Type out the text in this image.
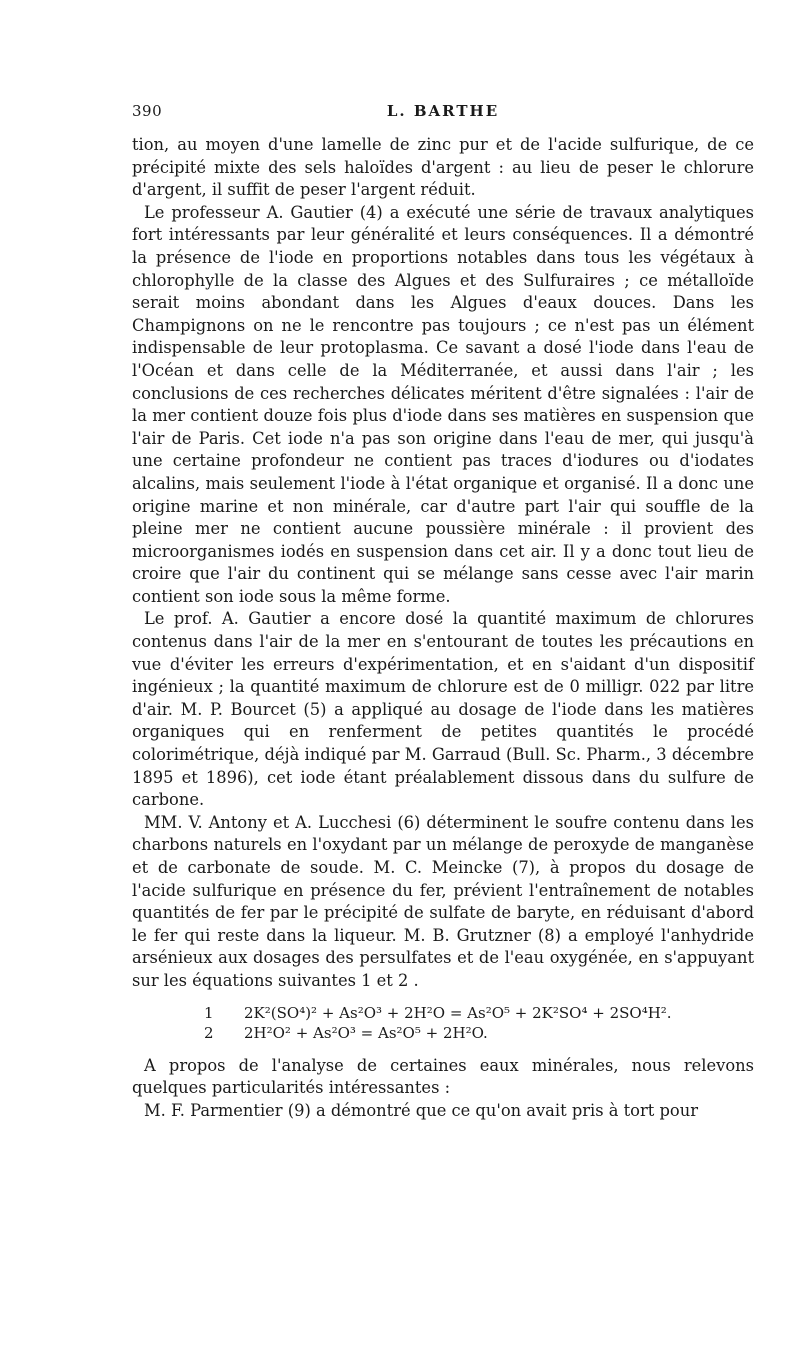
390	L. BARTHE

tion, au moyen d'une lamelle de zinc pur et de l'acide sulfurique, de ce précipité mixte des sels haloïdes d'argent : au lieu de peser le chlorure d'argent, il suffit de peser l'argent réduit.

Le professeur A. Gautier (4) a exécuté une série de travaux analytiques fort intéressants par leur généralité et leurs conséquences. Il a démontré la présence de l'iode en proportions notables dans tous les végétaux à chlorophylle de la classe des Algues et des Sulfuraires ; ce métalloïde serait moins abondant dans les Algues d'eaux douces. Dans les Champignons on ne le rencontre pas toujours ; ce n'est pas un élément indispensable de leur protoplasma. Ce savant a dosé l'iode dans l'eau de l'Océan et dans celle de la Méditerranée, et aussi dans l'air ; les conclusions de ces recherches délicates méritent d'être signalées : l'air de la mer contient douze fois plus d'iode dans ses matières en suspension que l'air de Paris. Cet iode n'a pas son origine dans l'eau de mer, qui jusqu'à une certaine profondeur ne contient pas traces d'iodures ou d'iodates alcalins, mais seulement l'iode à l'état organique et organisé. Il a donc une origine marine et non minérale, car d'autre part l'air qui souffle de la pleine mer ne contient aucune poussière minérale : il provient des microorganismes iodés en suspension dans cet air. Il y a donc tout lieu de croire que l'air du continent qui se mélange sans cesse avec l'air marin contient son iode sous la même forme.

Le prof. A. Gautier a encore dosé la quantité maximum de chlorures contenus dans l'air de la mer en s'entourant de toutes les précautions en vue d'éviter les erreurs d'expérimentation, et en s'aidant d'un dispositif ingénieux ; la quantité maximum de chlorure est de 0 milligr. 022 par litre d'air. M. P. Bourcet (5) a appliqué au dosage de l'iode dans les matières organiques qui en renferment de petites quantités le procédé colorimétrique, déjà indiqué par M. Garraud (Bull. Sc. Pharm., 3 décembre 1895 et 1896), cet iode étant préalablement dissous dans du sulfure de carbone.

MM. V. Antony et A. Lucchesi (6) déterminent le soufre contenu dans les charbons naturels en l'oxydant par un mélange de peroxyde de manganèse et de carbonate de soude. M. C. Meincke (7), à propos du dosage de l'acide sulfurique en présence du fer, prévient l'entraînement de notables quantités de fer par le précipité de sulfate de baryte, en réduisant d'abord le fer qui reste dans la liqueur. M. B. Grutzner (8) a employé l'anhydride arsénieux aux dosages des persulfates et de l'eau oxygénée, en s'appuyant sur les équations suivantes 1 et 2 .

1	2K²(SO⁴)² + As²O³ + 2H²O = As²O⁵ + 2K²SO⁴ + 2SO⁴H².
2	2H²O² + As²O³ = As²O⁵ + 2H²O.

A propos de l'analyse de certaines eaux minérales, nous relevons quelques particularités intéressantes :

M. F. Parmentier (9) a démontré que ce qu'on avait pris à tort pour
